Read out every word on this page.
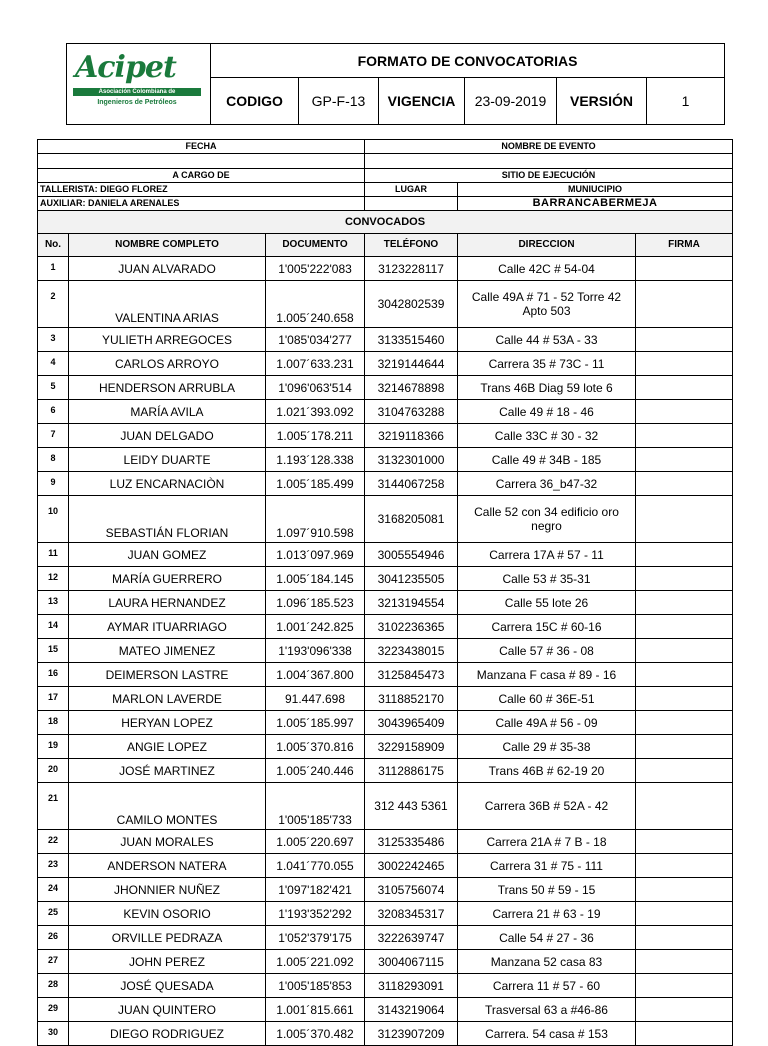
Acipet
Asociación Colombiana de
Ingenieros de Petróleos	FORMATO DE CONVOCATORIAS					
	CODIGO	GP-F-13	VIGENCIA	23-09-2019	VERSIÓN	1
FECHA			NOMBRE DE EVENTO		

A CARGO DE			SITIO DE EJECUCIÓN		
TALLERISTA: DIEGO FLOREZ			LUGAR	MUNIUCIPIO	
AUXILIAR: DANIELA ARENALES				BARRANCABERMEJA	
CONVOCADOS					
No.	NOMBRE COMPLETO	DOCUMENTO	TELÉFONO	DIRECCION	FIRMA
1	JUAN ALVARADO	1'005'222'083	3123228117	Calle 42C # 54-04	
2	VALENTINA ARIAS	1.005´240.658	3042802539	Calle 49A # 71 - 52 Torre 42 Apto 503	
3	YULIETH ARREGOCES	1'085'034'277	3133515460	Calle 44 # 53A - 33	
4	CARLOS ARROYO	1.007´633.231	3219144644	Carrera 35 # 73C - 11	
5	HENDERSON ARRUBLA	1'096'063'514	3214678898	Trans 46B Diag 59 lote 6	
6	MARÍA AVILA	1.021´393.092	3104763288	Calle 49 # 18 - 46	
7	JUAN DELGADO	1.005´178.211	3219118366	Calle 33C # 30 - 32	
8	LEIDY DUARTE	1.193´128.338	3132301000	Calle 49 # 34B - 185	
9	LUZ ENCARNACIÒN	1.005´185.499	3144067258	Carrera 36_b47-32	
10	SEBASTIÁN FLORIAN	1.097´910.598	3168205081	Calle 52 con 34 edificio oro negro	
11	JUAN GOMEZ	1.013´097.969	3005554946	Carrera 17A # 57 - 11	
12	MARÍA GUERRERO	1.005´184.145	3041235505	Calle 53 # 35-31	
13	LAURA HERNANDEZ	1.096´185.523	3213194554	Calle 55 lote 26	
14	AYMAR ITUARRIAGO	1.001´242.825	3102236365	Carrera 15C # 60-16	
15	MATEO JIMENEZ	1'193'096'338	3223438015	Calle 57 # 36 - 08	
16	DEIMERSON LASTRE	1.004´367.800	3125845473	Manzana F casa # 89 - 16	
17	MARLON LAVERDE	91.447.698	3118852170	Calle 60 # 36E-51	
18	HERYAN LOPEZ	1.005´185.997	3043965409	Calle 49A # 56 - 09	
19	ANGIE LOPEZ	1.005´370.816	3229158909	Calle 29 # 35-38	
20	JOSÉ MARTINEZ	1.005´240.446	3112886175	Trans 46B # 62-19 20	
21	CAMILO MONTES	1'005'185'733	312 443 5361	Carrera 36B # 52A - 42	
22	JUAN MORALES	1.005´220.697	3125335486	Carrera 21A # 7 B - 18	
23	ANDERSON NATERA	1.041´770.055	3002242465	Carrera 31 # 75 - 111	
24	JHONNIER NUÑEZ	1'097'182'421	3105756074	Trans 50 # 59 - 15	
25	KEVIN OSORIO	1'193'352'292	3208345317	Carrera 21 # 63 - 19	
26	ORVILLE PEDRAZA	1'052'379'175	3222639747	Calle 54 # 27 - 36	
27	JOHN PEREZ	1.005´221.092	3004067115	Manzana 52 casa 83	
28	JOSÉ QUESADA	1'005'185'853	3118293091	Carrera 11 # 57 - 60	
29	JUAN QUINTERO	1.001´815.661	3143219064	Trasversal 63 a #46-86	
30	DIEGO RODRIGUEZ	1.005´370.482	3123907209	Carrera. 54 casa # 153	
